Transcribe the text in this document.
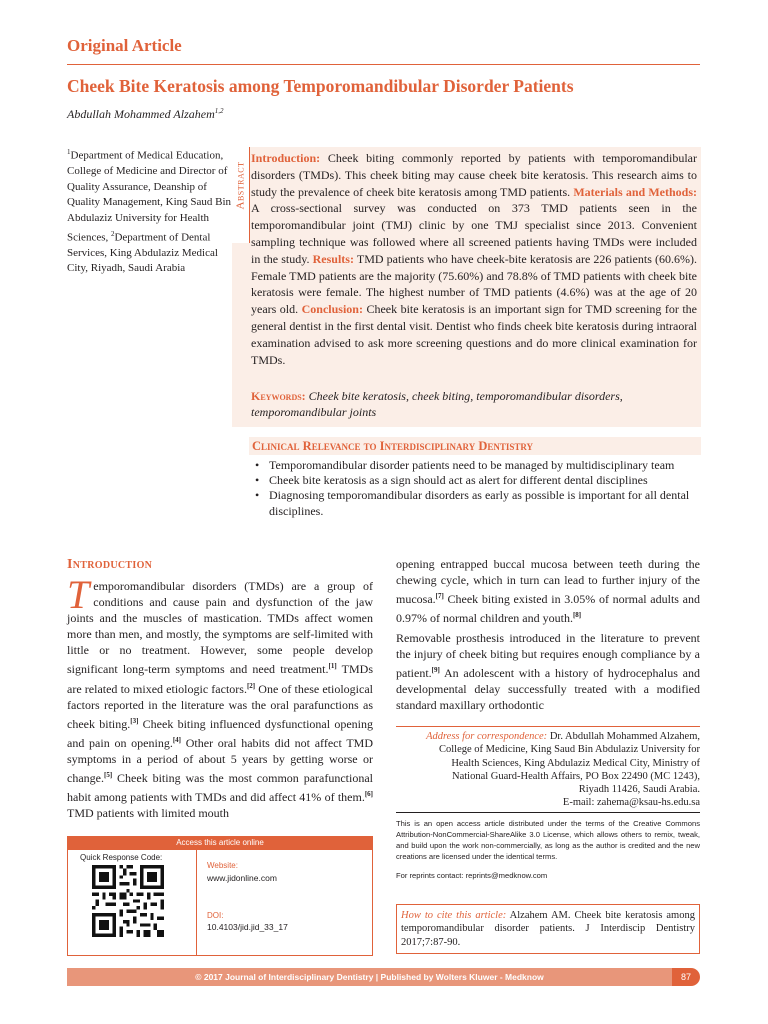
Original Article
Cheek Bite Keratosis among Temporomandibular Disorder Patients
Abdullah Mohammed Alzahem$^{1,2}$
$^1$Department of Medical Education, College of Medicine and Director of Quality Assurance, Deanship of Quality Management, King Saud Bin Abdulaziz University for Health Sciences, $^2$Department of Dental Services, King Abdulaziz Medical City, Riyadh, Saudi Arabia
Abstract

Introduction: Cheek biting commonly reported by patients with temporomandibular disorders (TMDs). This cheek biting may cause cheek bite keratosis. This research aims to study the prevalence of cheek bite keratosis among TMD patients. Materials and Methods: A cross-sectional survey was conducted on 373 TMD patients seen in the temporomandibular joint (TMJ) clinic by one TMJ specialist since 2013. Convenient sampling technique was followed where all screened patients having TMDs were included in the study. Results: TMD patients who have cheek-bite keratosis are 226 patients (60.6%). Female TMD patients are the majority (75.60%) and 78.8% of TMD patients with cheek bite keratosis were female. The highest number of TMD patients (4.6%) was at the age of 20 years old. Conclusion: Cheek bite keratosis is an important sign for TMD screening for the general dentist in the first dental visit. Dentist who finds cheek bite keratosis during intraoral examination advised to ask more screening questions and do more clinical examination for TMDs.

Keywords: Cheek bite keratosis, cheek biting, temporomandibular disorders, temporomandibular joints
Clinical Relevance to Interdisciplinary Dentistry
• Temporomandibular disorder patients need to be managed by multidisciplinary team
• Cheek bite keratosis as a sign should act as alert for different dental disciplines
• Diagnosing temporomandibular disorders as early as possible is important for all dental disciplines.
Introduction

Temporomandibular disorders (TMDs) are a group of conditions and cause pain and dysfunction of the jaw joints and the muscles of mastication. TMDs affect women more than men, and mostly, the symptoms are self-limited with little or no treatment. However, some people develop significant long-term symptoms and need treatment.[1] TMDs are related to mixed etiologic factors.[2] One of these etiological factors reported in the literature was the oral parafunctions as cheek biting.[3] Cheek biting influenced dysfunctional opening and pain on opening.[4] Other oral habits did not affect TMD symptoms in a period of about 5 years by getting worse or change.[5] Cheek biting was the most common parafunctional habit among patients with TMDs and did affect 41% of them.[6] TMD patients with limited mouth

opening entrapped buccal mucosa between teeth during the chewing cycle, which in turn can lead to further injury of the mucosa.[7] Cheek biting existed in 3.05% of normal adults and 0.97% of normal children and youth.[8]

Removable prosthesis introduced in the literature to prevent the injury of cheek biting but requires enough compliance by a patient.[9] An adolescent with a history of hydrocephalus and developmental delay successfully treated with a modified standard maxillary orthodontic

Address for correspondence: Dr. Abdullah Mohammed Alzahem,
College of Medicine, King Saud Bin Abdulaziz University for
Health Sciences, King Abdulaziz Medical City, Ministry of
National Guard-Health Affairs, PO Box 22490 (MC 1243),
Riyadh 11426, Saudi Arabia.
E-mail: zahema@ksau-hs.edu.sa
This is an open access article distributed under the terms of the Creative Commons Attribution-NonCommercial-ShareAlike 3.0 License, which allows others to remix, tweak, and build upon the work non-commercially, as long as the author is credited and the new creations are licensed under the identical terms.
For reprints contact: reprints@medknow.com
How to cite this article: Alzahem AM. Cheek bite keratosis among temporomandibular disorder patients. J Interdiscip Dentistry 2017;7:87-90.
Access this article online
Quick Response Code:
Website:
www.jidonline.com
DOI:
10.4103/jid.jid_33_17
© 2017 Journal of Interdisciplinary Dentistry | Published by Wolters Kluwer - Medknow	87
